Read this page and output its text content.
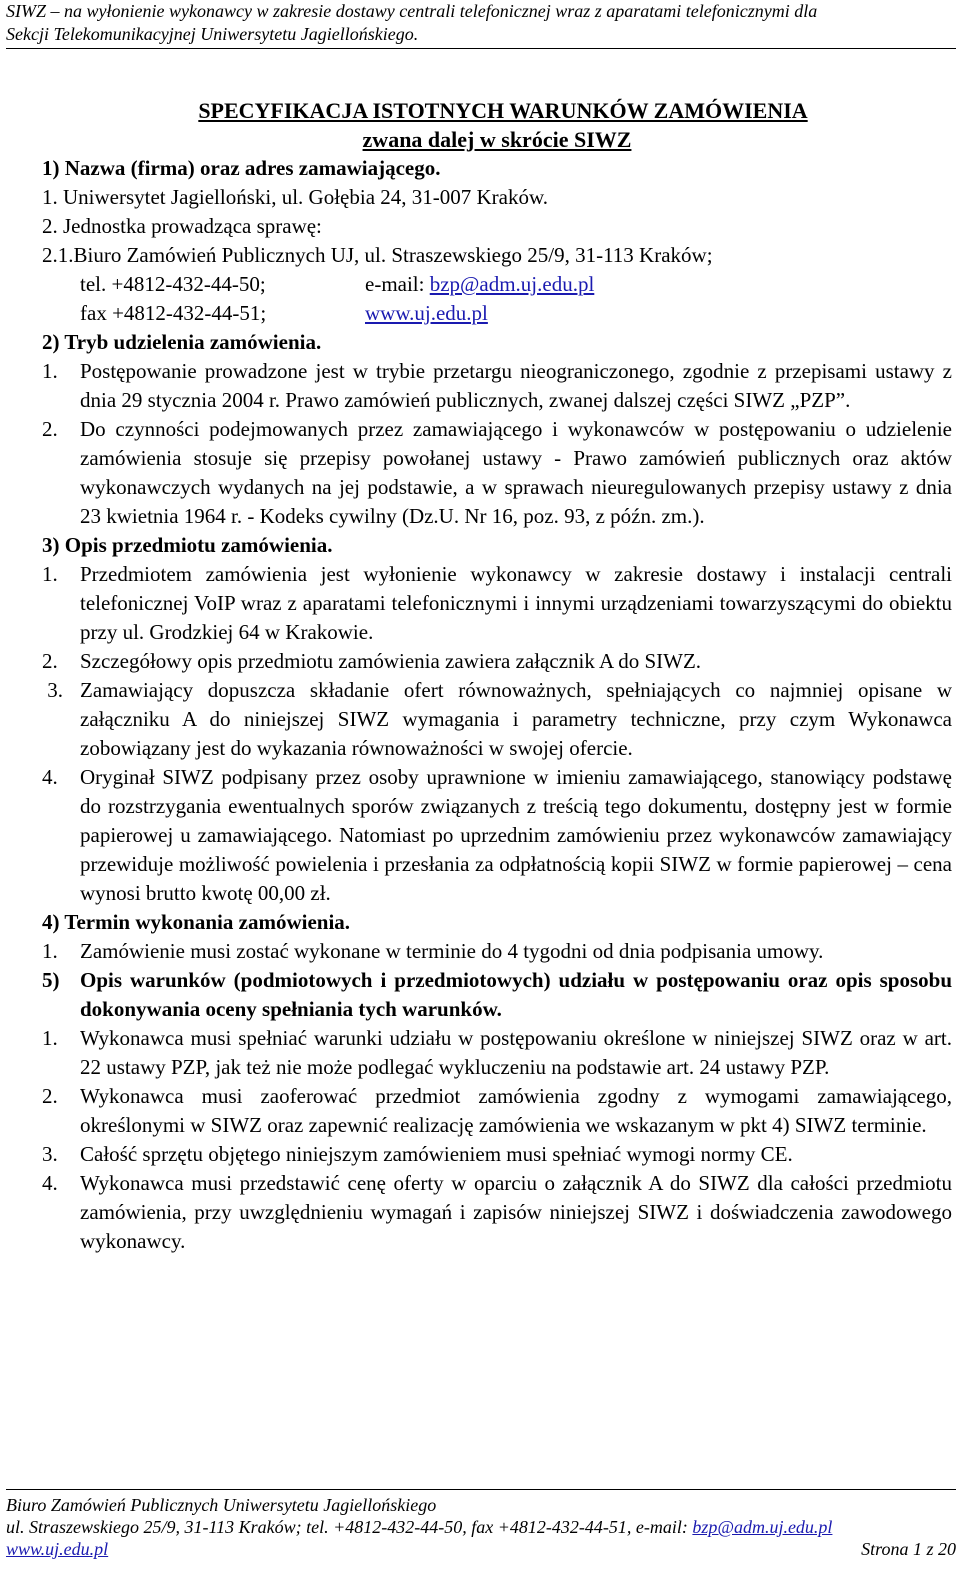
SIWZ – na wyłonienie wykonawcy w zakresie dostawy centrali telefonicznej wraz z aparatami telefonicznymi dla
Sekcji Telekomunikacyjnej Uniwersytetu Jagiellońskiego.
SPECYFIKACJA ISTOTNYCH WARUNKÓW ZAMÓWIENIA
zwana dalej w skrócie SIWZ
1) Nazwa (firma) oraz adres zamawiającego.
1. Uniwersytet Jagielloński, ul. Gołębia 24, 31-007 Kraków.
2. Jednostka prowadząca sprawę:
2.1.Biuro Zamówień Publicznych UJ, ul. Straszewskiego 25/9, 31-113 Kraków;
tel. +4812-432-44-50;	e-mail: bzp@adm.uj.edu.pl
fax +4812-432-44-51;	www.uj.edu.pl
2) Tryb udzielenia zamówienia.
1.	Postępowanie prowadzone jest w trybie przetargu nieograniczonego, zgodnie z przepisami ustawy z dnia 29 stycznia 2004 r. Prawo zamówień publicznych, zwanej dalszej części SIWZ „PZP”.
2.	Do czynności podejmowanych przez zamawiającego i wykonawców w postępowaniu o udzielenie zamówienia stosuje się przepisy powołanej ustawy - Prawo zamówień publicznych oraz aktów wykonawczych wydanych na jej podstawie, a w sprawach nieuregulowanych przepisy ustawy z dnia 23 kwietnia 1964 r. - Kodeks cywilny (Dz.U. Nr 16, poz. 93, z późn. zm.).
3) Opis przedmiotu zamówienia.
1.	Przedmiotem zamówienia jest wyłonienie wykonawcy w zakresie dostawy i instalacji centrali telefonicznej VoIP wraz z aparatami telefonicznymi i innymi urządzeniami towarzyszącymi do obiektu przy ul. Grodzkiej 64 w Krakowie.
2.	Szczegółowy opis przedmiotu zamówienia zawiera załącznik A do SIWZ.
3. Zamawiający dopuszcza składanie ofert równoważnych, spełniających co najmniej opisane w załączniku A do niniejszej SIWZ wymagania i parametry techniczne, przy czym Wykonawca zobowiązany jest do wykazania równoważności w swojej ofercie.
4.	Oryginał SIWZ podpisany przez osoby uprawnione w imieniu zamawiającego, stanowiący podstawę do rozstrzygania ewentualnych sporów związanych z treścią tego dokumentu, dostępny jest w formie papierowej u zamawiającego. Natomiast po uprzednim zamówieniu przez wykonawców zamawiający przewiduje możliwość powielenia i przesłania za odpłatnością kopii SIWZ w formie papierowej – cena wynosi brutto kwotę 00,00 zł.
4) Termin wykonania zamówienia.
1.	Zamówienie musi zostać wykonane w terminie do 4 tygodni od dnia podpisania umowy.
5) Opis warunków (podmiotowych i przedmiotowych) udziału w postępowaniu oraz opis sposobu dokonywania oceny spełniania tych warunków.
1.	Wykonawca musi spełniać warunki udziału w postępowaniu określone w niniejszej SIWZ oraz w art. 22 ustawy PZP, jak też nie może podlegać wykluczeniu na podstawie art. 24 ustawy PZP.
2.	Wykonawca musi zaoferować przedmiot zamówienia zgodny z wymogami zamawiającego, określonymi w SIWZ oraz zapewnić realizację zamówienia we wskazanym w pkt 4) SIWZ terminie.
3.	Całość sprzętu objętego niniejszym zamówieniem musi spełniać wymogi normy CE.
4.	Wykonawca musi przedstawić cenę oferty w oparciu o załącznik A do SIWZ dla całości przedmiotu zamówienia, przy uwzględnieniu wymagań i zapisów niniejszej SIWZ i doświadczenia zawodowego wykonawcy.
Biuro Zamówień Publicznych Uniwersytetu Jagiellońskiego
ul. Straszewskiego 25/9, 31-113 Kraków; tel. +4812-432-44-50, fax +4812-432-44-51, e-mail: bzp@adm.uj.edu.pl
www.uj.edu.pl	Strona 1 z 20
